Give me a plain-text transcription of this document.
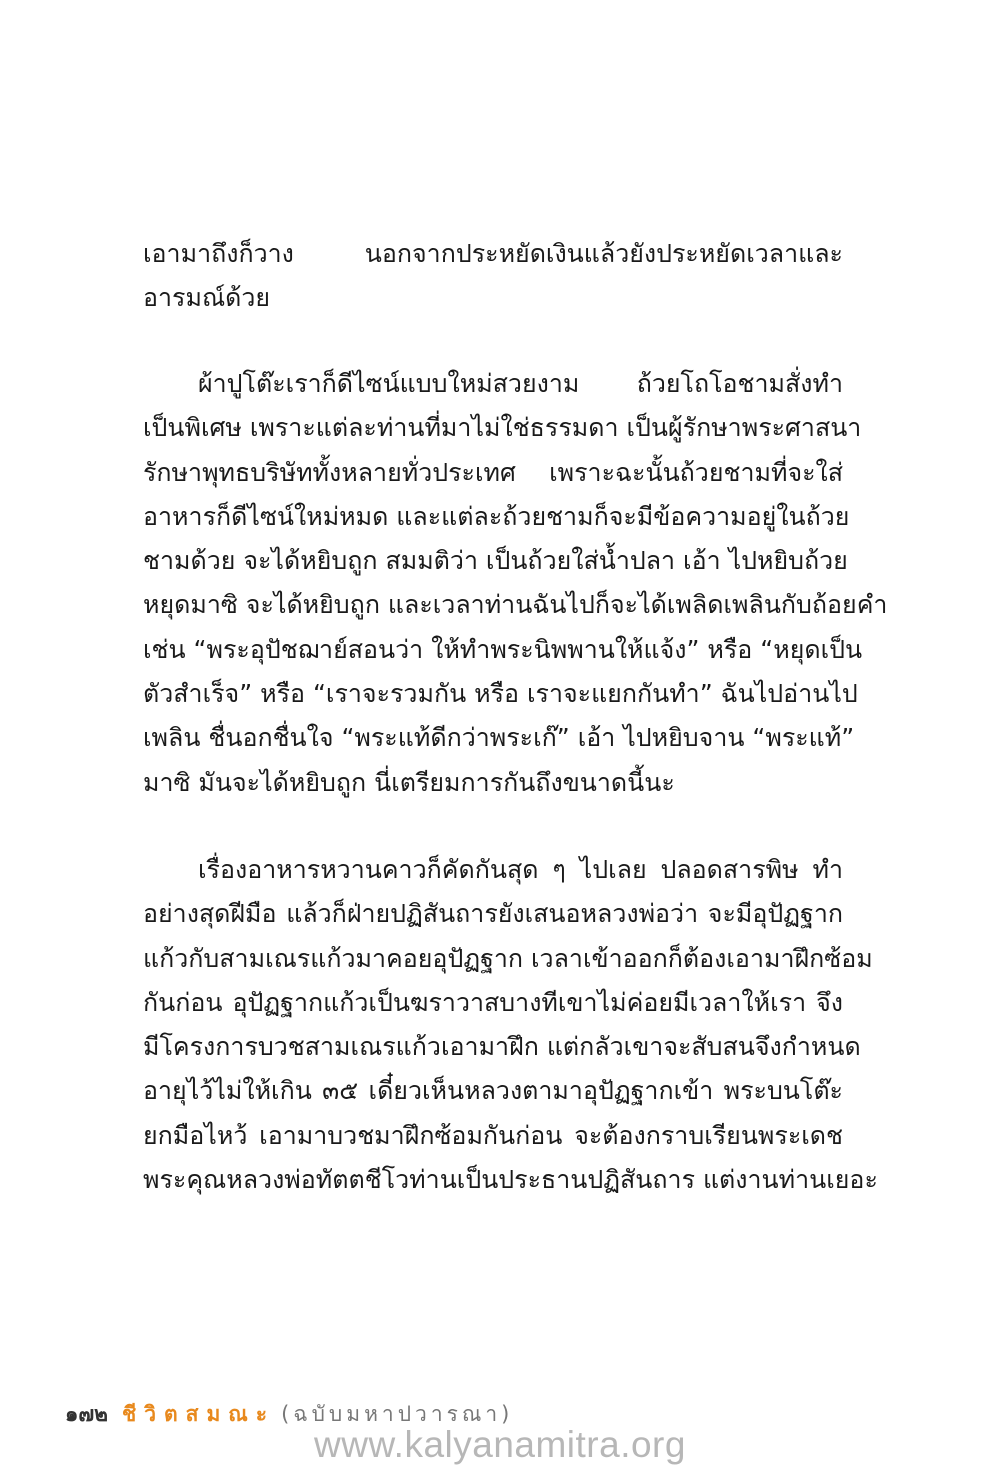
เอามาถึงก็วาง นอกจากประหยัดเงินแล้วยังประหยัดเวลาและ
อารมณ์ด้วย
ผ้าปูโต๊ะเราก็ดีไซน์แบบใหม่สวยงาม ถ้วยโถโอชามสั่งทำ
เป็นพิเศษ เพราะแต่ละท่านที่มาไม่ใช่ธรรมดา เป็นผู้รักษาพระศาสนา
รักษาพุทธบริษัททั้งหลายทั่วประเทศ เพราะฉะนั้นถ้วยชามที่จะใส่
อาหารก็ดีไซน์ใหม่หมด และแต่ละถ้วยชามก็จะมีข้อความอยู่ในถ้วย
ชามด้วย จะได้หยิบถูก สมมติว่า เป็นถ้วยใส่น้ำปลา เอ้า ไปหยิบถ้วย
หยุดมาซิ จะได้หยิบถูก และเวลาท่านฉันไปก็จะได้เพลิดเพลินกับถ้อยคำ
เช่น “พระอุปัชฌาย์สอนว่า ให้ทำพระนิพพานให้แจ้ง” หรือ “หยุดเป็น
ตัวสำเร็จ” หรือ “เราจะรวมกัน หรือ เราจะแยกกันทำ” ฉันไปอ่านไป
เพลิน ชื่นอกชื่นใจ “พระแท้ดีกว่าพระเก๊” เอ้า ไปหยิบจาน “พระแท้”
มาซิ มันจะได้หยิบถูก นี่เตรียมการกันถึงขนาดนี้นะ
เรื่องอาหารหวานคาวก็คัดกันสุด ๆ ไปเลย ปลอดสารพิษ ทำ
อย่างสุดฝีมือ แล้วก็ฝ่ายปฏิสันถารยังเสนอหลวงพ่อว่า จะมีอุปัฏฐาก
แก้วกับสามเณรแก้วมาคอยอุปัฏฐาก เวลาเข้าออกก็ต้องเอามาฝึกซ้อม
กันก่อน อุปัฏฐากแก้วเป็นฆราวาสบางทีเขาไม่ค่อยมีเวลาให้เรา จึง
มีโครงการบวชสามเณรแก้วเอามาฝึก แต่กลัวเขาจะสับสนจึงกำหนด
อายุไว้ไม่ให้เกิน ๓๕ เดี๋ยวเห็นหลวงตามาอุปัฏฐากเข้า พระบนโต๊ะ
ยกมือไหว้ เอามาบวชมาฝึกซ้อมกันก่อน จะต้องกราบเรียนพระเดช
พระคุณหลวงพ่อทัตตชีโวท่านเป็นประธานปฏิสันถาร แต่งานท่านเยอะ
๑๗๒ ชีวิตสมณะ (ฉบับมหาปวารณา)
www.kalyanamitra.org
